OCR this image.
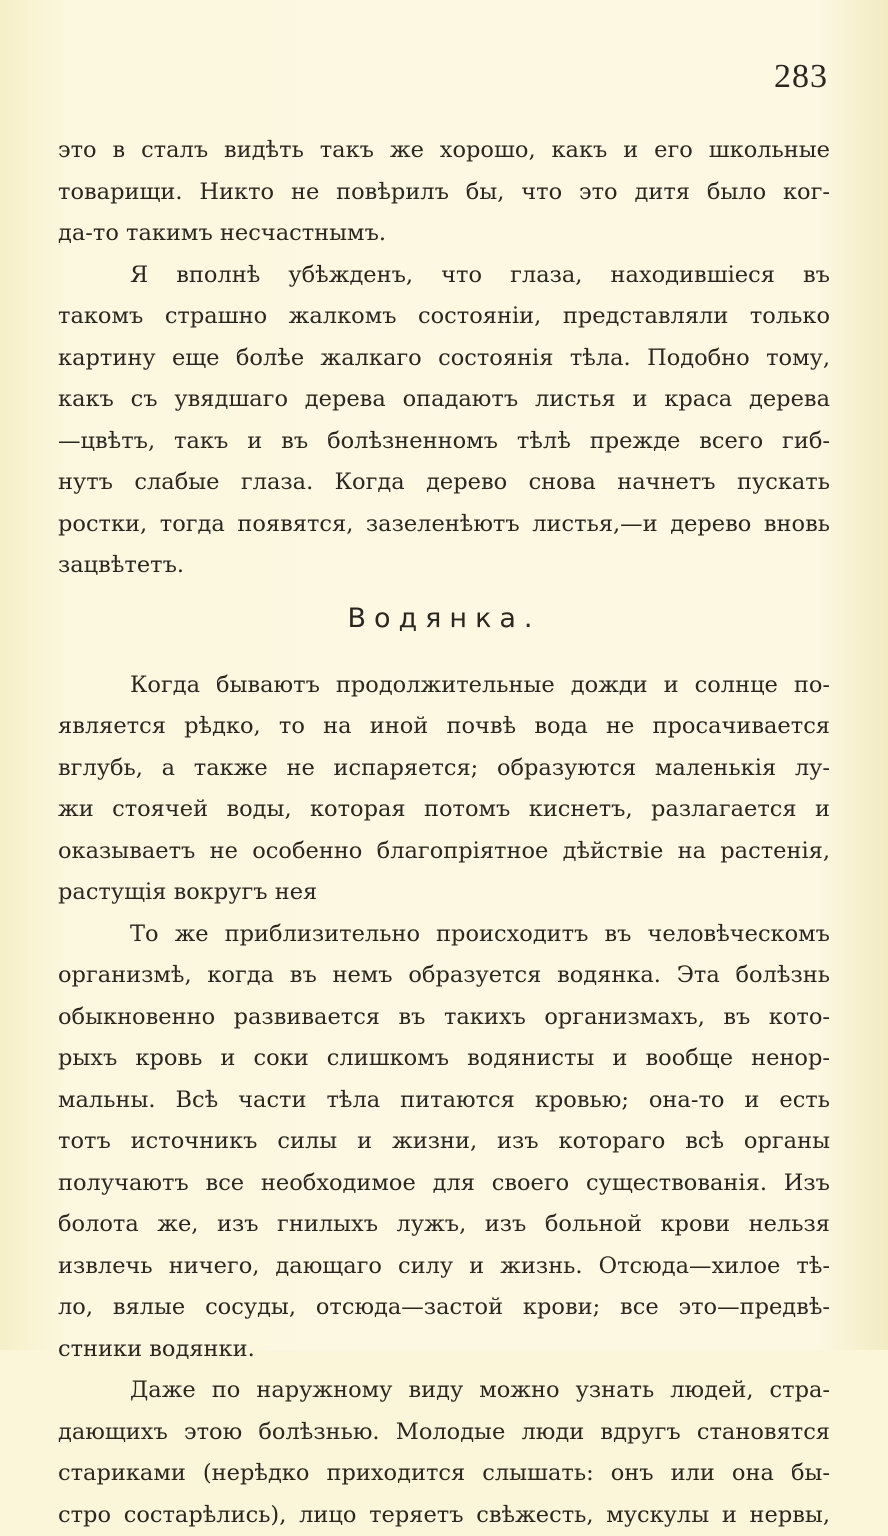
283
это в сталъ видѣть такъ же хорошо, какъ и его школьные
товарищи. Никто не повѣрилъ бы, что это дитя было ког-
да-то такимъ несчастнымъ.
Я вполнѣ убѣжденъ, что глаза, находившіеся въ
такомъ страшно жалкомъ состояніи, представляли только
картину еще болѣе жалкаго состоянія тѣла. Подобно тому,
какъ съ увядшаго дерева опадаютъ листья и краса дерева
—цвѣтъ, такъ и въ болѣзненномъ тѣлѣ прежде всего гиб-
нутъ слабые глаза. Когда дерево снова начнетъ пускать
ростки, тогда появятся, зазеленѣютъ листья,—и дерево вновь
зацвѣтетъ.
Водянка.
Когда бываютъ продолжительные дожди и солнце по-
является рѣдко, то на иной почвѣ вода не просачивается
вглубь, а также не испаряется; образуются маленькія лу-
жи стоячей воды, которая потомъ киснетъ, разлагается и
оказываетъ не особенно благопріятное дѣйствіе на растенія,
растущія вокругъ нея
То же приблизительно происходитъ въ человѣческомъ
организмѣ, когда въ немъ образуется водянка. Эта болѣзнь
обыкновенно развивается въ такихъ организмахъ, въ кото-
рыхъ кровь и соки слишкомъ водянисты и вообще ненор-
мальны. Всѣ части тѣла питаются кровью; она-то и есть
тотъ источникъ силы и жизни, изъ котораго всѣ органы
получаютъ все необходимое для своего существованія. Изъ
болота же, изъ гнилыхъ лужъ, изъ больной крови нельзя
извлечь ничего, дающаго силу и жизнь. Отсюда—хилое тѣ-
ло, вялые сосуды, отсюда—застой крови; все это—предвѣ-
стники водянки.
Даже по наружному виду можно узнать людей, стра-
дающихъ этою болѣзнью. Молодые люди вдругъ становятся
стариками (нерѣдко приходится слышать: онъ или она бы-
стро состарѣлись), лицо теряетъ свѣжесть, мускулы и нервы,
